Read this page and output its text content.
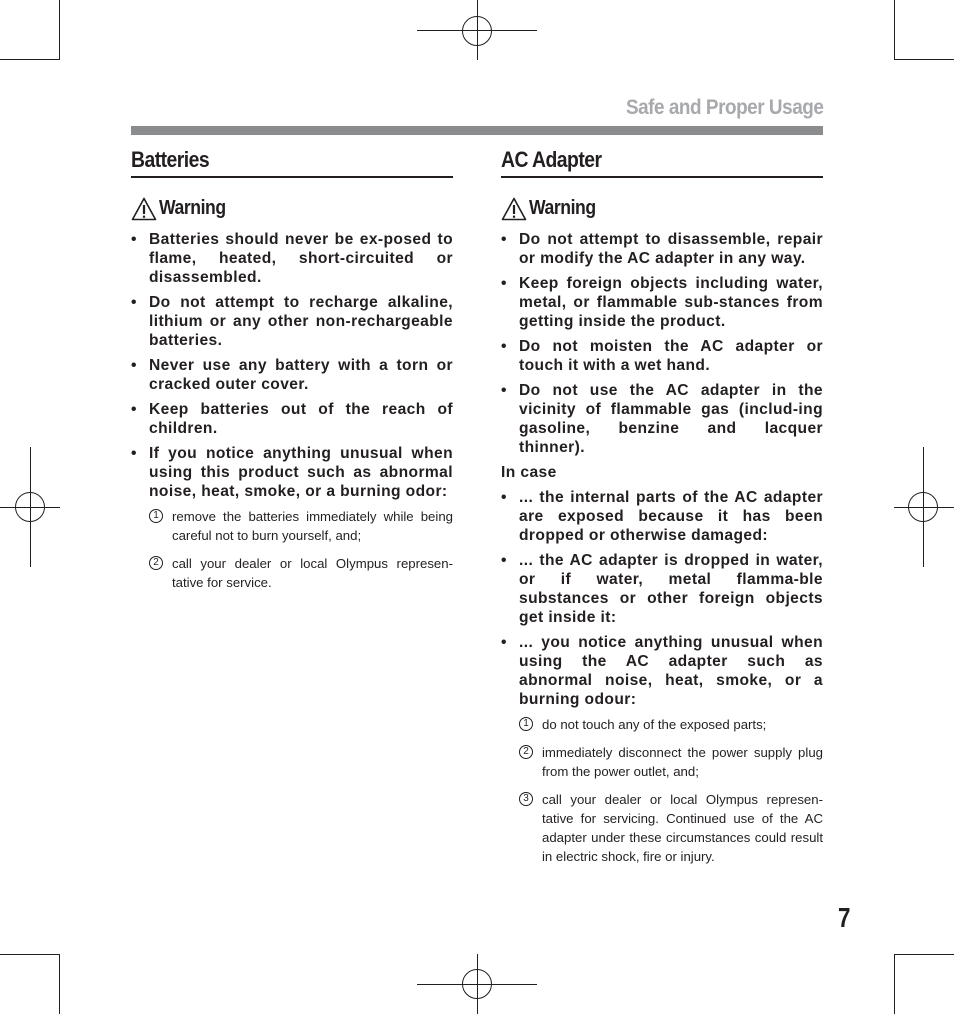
Safe and Proper Usage
Batteries
Warning
• Batteries should never be ex-posed to flame, heated, short-circuited or disassembled.
• Do not attempt to recharge alkaline, lithium or any other non-rechargeable batteries.
• Never use any battery with a torn or cracked outer cover.
• Keep batteries out of the reach of children.
• If you notice anything unusual when using this product such as abnormal noise, heat, smoke, or a burning odor:
1	remove the batteries immediately while being careful not to burn yourself, and;
2	call your dealer or local Olympus represen-tative for service.
AC Adapter
Warning
• Do not attempt to disassemble, repair or modify the AC adapter in any way.
• Keep foreign objects including water, metal, or flammable sub-stances from getting inside the product.
• Do not moisten the AC adapter or touch it with a wet hand.
• Do not use the AC adapter in the vicinity of flammable gas (includ-ing gasoline, benzine and lacquer thinner).
In case
• ... the internal parts of the AC adapter are exposed because it has been dropped or otherwise damaged:
• ... the AC adapter is dropped in water, or if water, metal flamma-ble substances or other foreign objects get inside it:
• ... you notice anything unusual when using the AC adapter such as abnormal noise, heat, smoke, or a burning odour:
1	do not touch any of the exposed parts;
2	immediately disconnect the power supply plug from the power outlet, and;
3	call your dealer or local Olympus represen-tative for servicing. Continued use of the AC adapter under these circumstances could result in electric shock, fire or injury.
7
